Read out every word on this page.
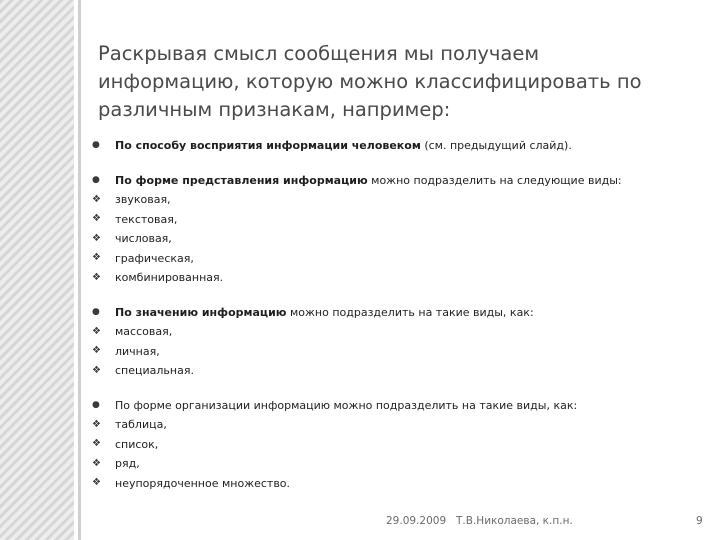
Раскрывая смысл сообщения мы получаем
информацию, которую можно классифицировать по
различным признакам, например:
●	По способу восприятия информации человеком (см. предыдущий слайд).
●	По форме представления информацию можно подразделить на следующие виды:
❖	звуковая,
❖	текстовая,
❖	числовая,
❖	графическая,
❖	комбинированная.
●	По значению информацию можно подразделить на такие виды, как:
❖	массовая,
❖	личная,
❖	специальная.
●	По форме организации информацию можно подразделить на такие виды, как:
❖	таблица,
❖	список,
❖	ряд,
❖	неупорядоченное множество.
29.09.2009 Т.В.Николаева, к.п.н.	9
